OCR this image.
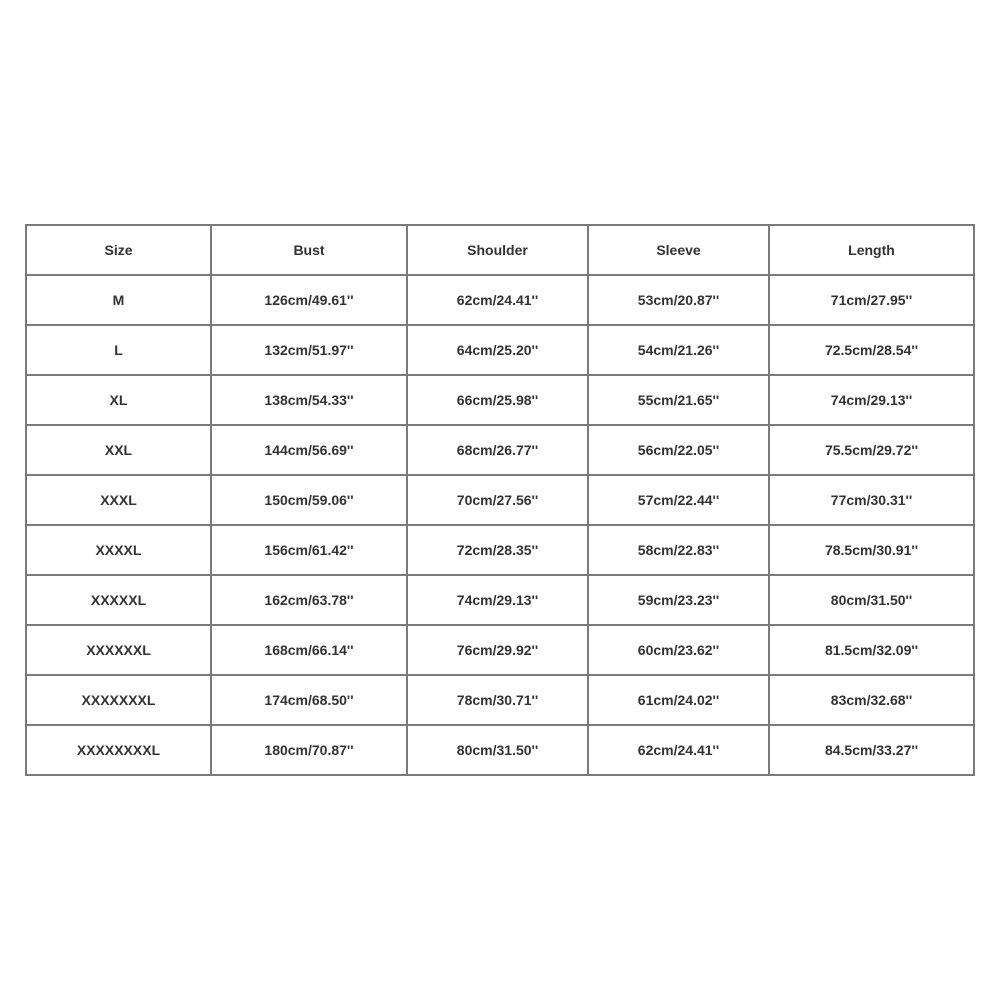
Size	Bust	Shoulder	Sleeve	Length
M	126cm/49.61''	62cm/24.41''	53cm/20.87''	71cm/27.95''
L	132cm/51.97''	64cm/25.20''	54cm/21.26''	72.5cm/28.54''
XL	138cm/54.33''	66cm/25.98''	55cm/21.65''	74cm/29.13''
XXL	144cm/56.69''	68cm/26.77''	56cm/22.05''	75.5cm/29.72''
XXXL	150cm/59.06''	70cm/27.56''	57cm/22.44''	77cm/30.31''
XXXXL	156cm/61.42''	72cm/28.35''	58cm/22.83''	78.5cm/30.91''
XXXXXL	162cm/63.78''	74cm/29.13''	59cm/23.23''	80cm/31.50''
XXXXXXL	168cm/66.14''	76cm/29.92''	60cm/23.62''	81.5cm/32.09''
XXXXXXXL	174cm/68.50''	78cm/30.71''	61cm/24.02''	83cm/32.68''
XXXXXXXXL	180cm/70.87''	80cm/31.50''	62cm/24.41''	84.5cm/33.27''
